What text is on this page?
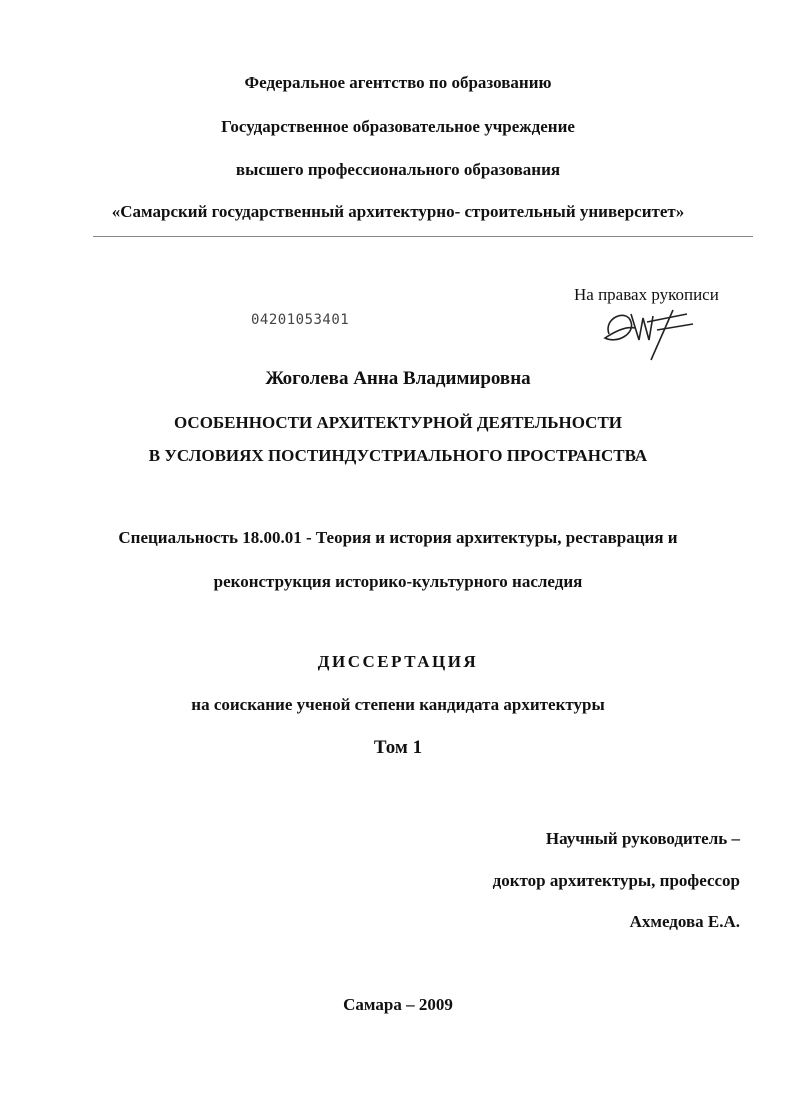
Федеральное агентство по образованию
Государственное образовательное учреждение
высшего профессионального образования
«Самарский государственный архитектурно- строительный университет»
На правах рукописи
04201053401
Жоголева Анна Владимировна
ОСОБЕННОСТИ АРХИТЕКТУРНОЙ ДЕЯТЕЛЬНОСТИ
В УСЛОВИЯХ ПОСТИНДУСТРИАЛЬНОГО ПРОСТРАНСТВА
Специальность 18.00.01 - Теория и история архитектуры, реставрация и
реконструкция историко-культурного наследия
ДИССЕРТАЦИЯ
на соискание ученой степени кандидата архитектуры
Том 1
Научный руководитель –
доктор архитектуры, профессор
Ахмедова Е.А.
Самара – 2009
